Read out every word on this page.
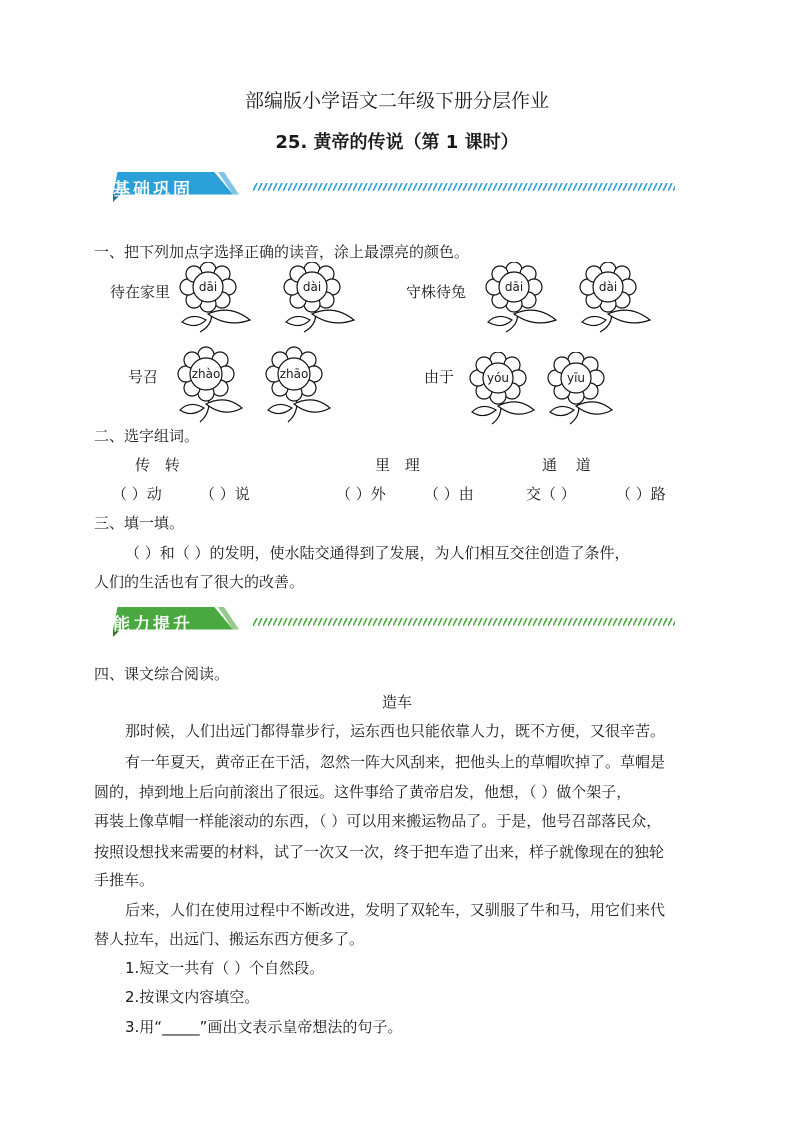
部编版小学语文二年级下册分层作业
25. 黄帝的传说（第 1 课时）
基础巩固
一、把下列加点字选择正确的读音，涂上最漂亮的颜色。
待在家里	守株待兔
号召	由于
dāi	dài	dāi	dài
zhào	zhāo	yóu	yīu
二、选字组词。
传 转	里 理	通 道
（ ）动	（ ）说	（ ）外	（ ）由	交（ ）	（ ）路
三、填一填。
（ ）和（ ）的发明，使水陆交通得到了发展，为人们相互交往创造了条件，
人们的生活也有了很大的改善。
能力提升
四、课文综合阅读。
造车
那时候，人们出远门都得靠步行，运东西也只能依靠人力，既不方便，又很辛苦。
有一年夏天，黄帝正在干活，忽然一阵大风刮来，把他头上的草帽吹掉了。草帽是
圆的，掉到地上后向前滚出了很远。这件事给了黄帝启发，他想，（ ）做个架子，
再装上像草帽一样能滚动的东西，（ ）可以用来搬运物品了。于是，他号召部落民众，
按照设想找来需要的材料，试了一次又一次，终于把车造了出来，样子就像现在的独轮
手推车。
后来，人们在使用过程中不断改进，发明了双轮车，又驯服了牛和马，用它们来代
替人拉车，出远门、搬运东西方便多了。
1.短文一共有（ ）个自然段。
2.按课文内容填空。
3.用“_____”画出文表示皇帝想法的句子。
